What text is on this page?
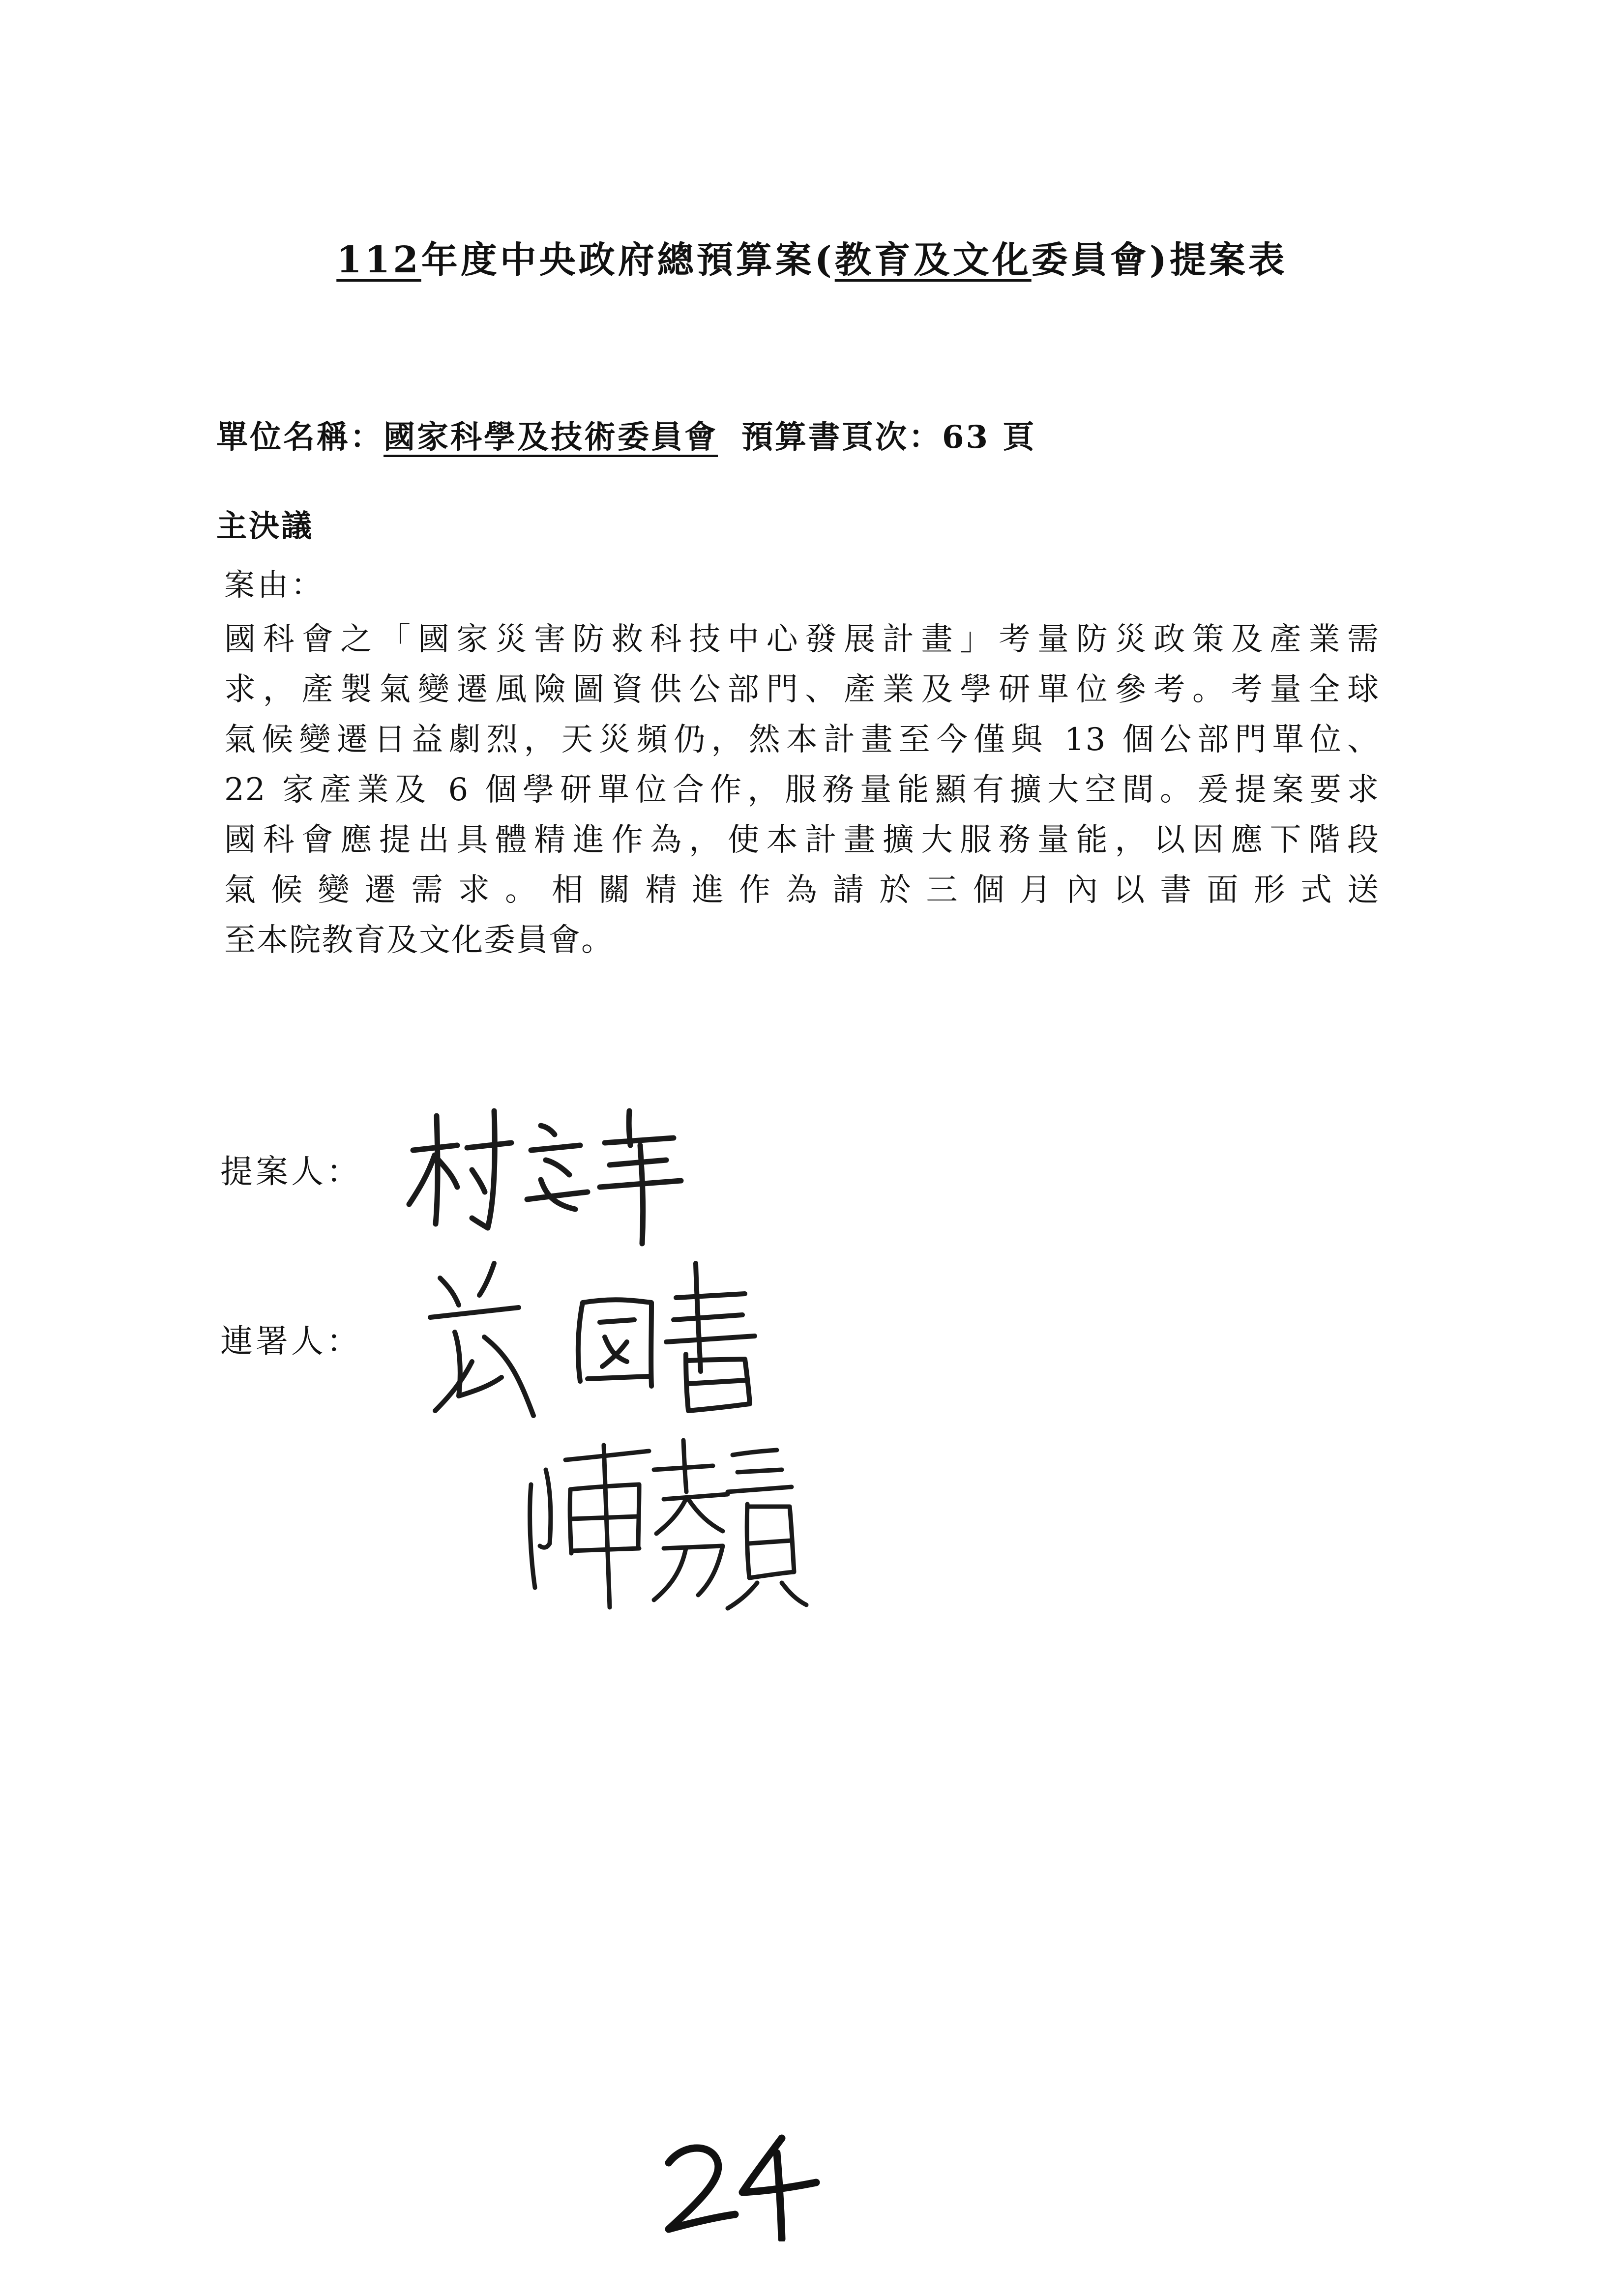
112年度中央政府總預算案(教育及文化委員會)提案表
單位名稱：國家科學及技術委員會 預算書頁次：63 頁
主決議
案由：
國科會之「國家災害防救科技中心發展計畫」考量防災政策及產業需
求，產製氣變遷風險圖資供公部門、產業及學研單位參考。考量全球
氣候變遷日益劇烈，天災頻仍，然本計畫至今僅與 13 個公部門單位、
22 家產業及 6 個學研單位合作，服務量能顯有擴大空間。爰提案要求
國科會應提出具體精進作為，使本計畫擴大服務量能，以因應下階段
氣候變遷需求。相關精進作為請於三個月內以書面形式送
至本院教育及文化委員會。
提案人：
連署人：
